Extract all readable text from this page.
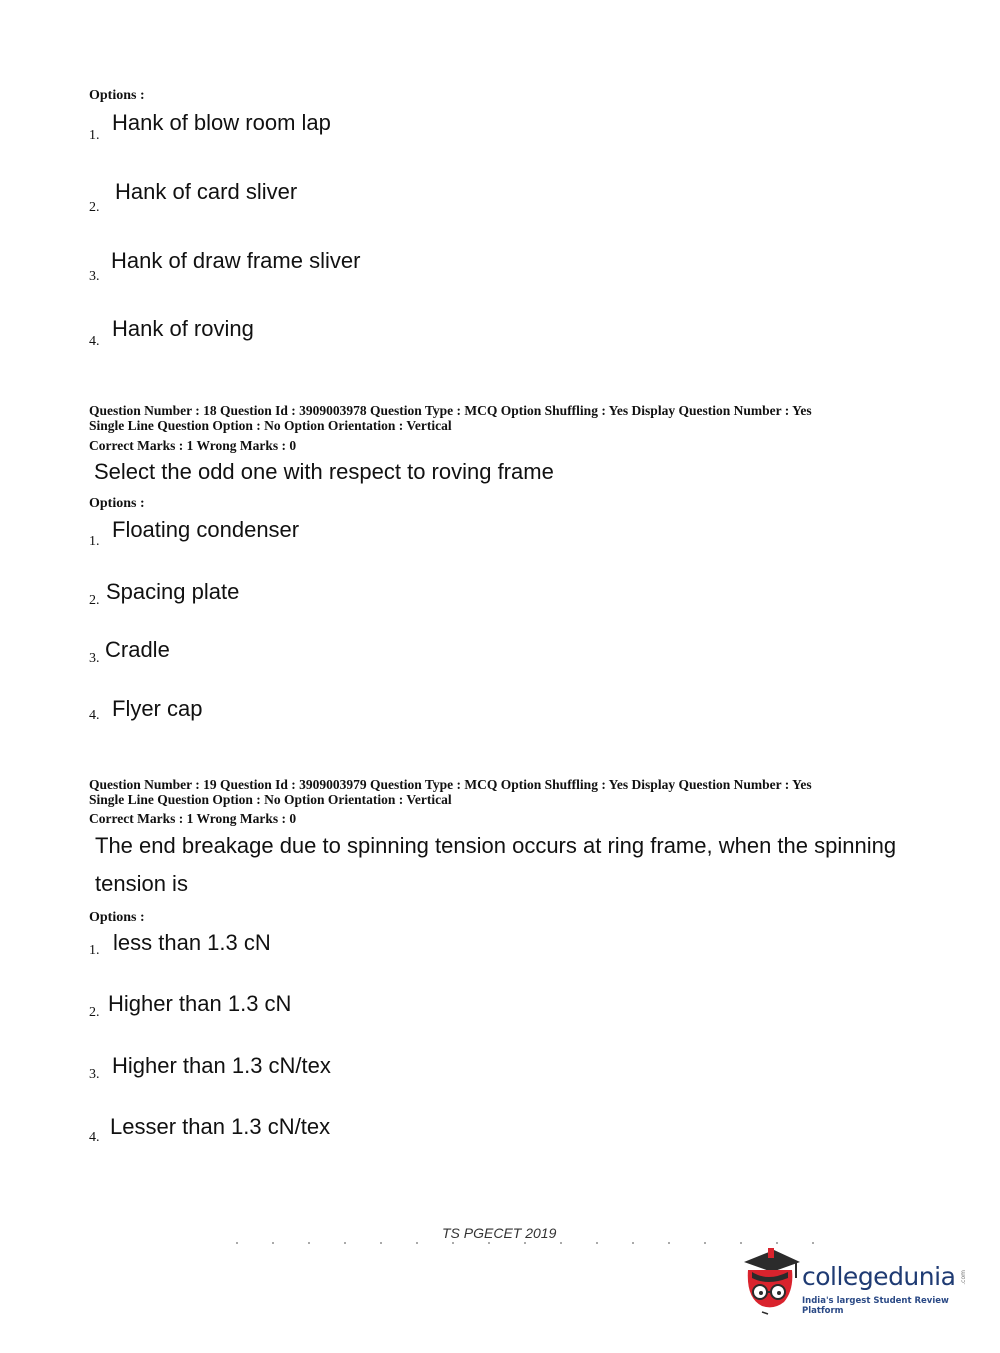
Options :
1.
Hank of blow room lap
2.
Hank of card sliver
3.
Hank of draw frame sliver
4.
Hank of roving
Question Number : 18 Question Id : 3909003978 Question Type : MCQ Option Shuffling : Yes Display Question Number : Yes
Single Line Question Option : No Option Orientation : Vertical
Correct Marks : 1 Wrong Marks : 0
Select the odd one with respect to roving frame
Options :
1. Floating condenser
2. Spacing plate
3. Cradle
4. Flyer cap
Question Number : 19 Question Id : 3909003979 Question Type : MCQ Option Shuffling : Yes Display Question Number : Yes
Single Line Question Option : No Option Orientation : Vertical
Correct Marks : 1 Wrong Marks : 0
The end breakage due to spinning tension occurs at ring frame, when the spinning
tension is
Options :
1. less than 1.3 cN
2. Higher than 1.3 cN
3. Higher than 1.3 cN/tex
4. Lesser than 1.3 cN/tex
TS PGECET 2019
collegedunia .com
India's largest Student Review Platform
